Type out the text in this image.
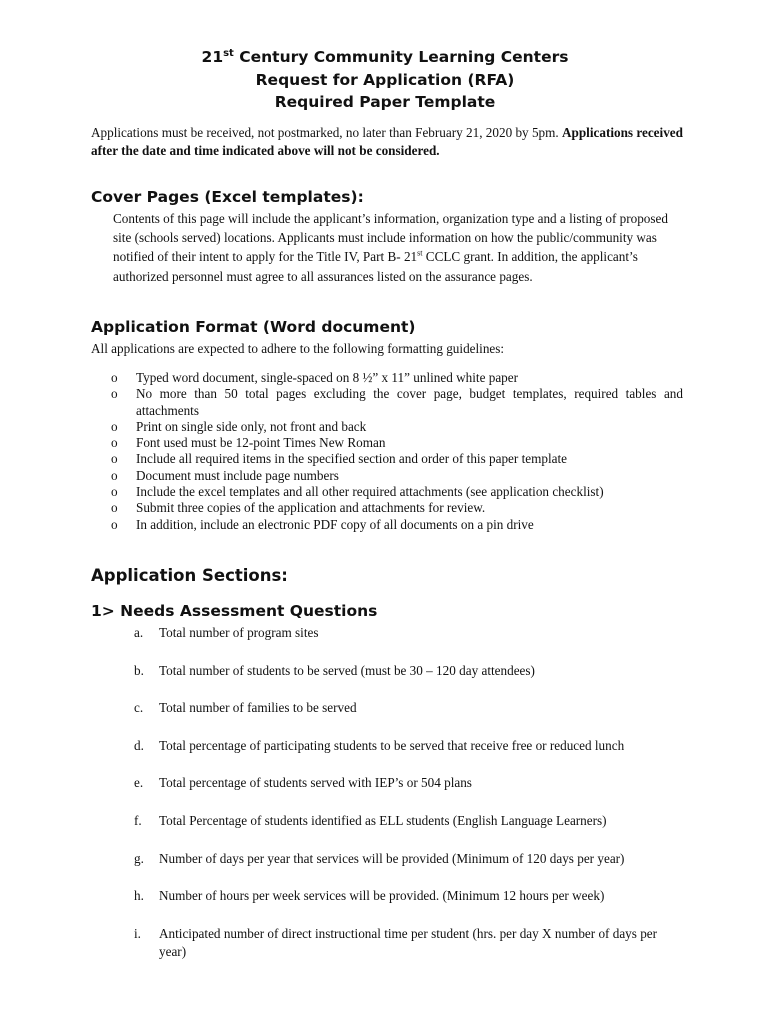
21st Century Community Learning Centers
Request for Application (RFA)
Required Paper Template
Applications must be received, not postmarked, no later than February 21, 2020 by 5pm. Applications received after the date and time indicated above will not be considered.
Cover Pages (Excel templates):
Contents of this page will include the applicant’s information, organization type and a listing of proposed site (schools served) locations. Applicants must include information on how the public/community was notified of their intent to apply for the Title IV, Part B- 21st CCLC grant. In addition, the applicant’s authorized personnel must agree to all assurances listed on the assurance pages.
Application Format (Word document)
All applications are expected to adhere to the following formatting guidelines:
o	Typed word document, single-spaced on 8 ½” x 11” unlined white paper
o	No more than 50 total pages excluding the cover page, budget templates, required tables and attachments
o	Print on single side only, not front and back
o	Font used must be 12-point Times New Roman
o	Include all required items in the specified section and order of this paper template
o	Document must include page numbers
o	Include the excel templates and all other required attachments (see application checklist)
o	Submit three copies of the application and attachments for review.
o	In addition, include an electronic PDF copy of all documents on a pin drive
Application Sections:
1> Needs Assessment Questions
a.	Total number of program sites
b.	Total number of students to be served (must be 30 – 120 day attendees)
c.	Total number of families to be served
d.	Total percentage of participating students to be served that receive free or reduced lunch
e.	Total percentage of students served with IEP’s or 504 plans
f.	Total Percentage of students identified as ELL students (English Language Learners)
g.	Number of days per year that services will be provided (Minimum of 120 days per year)
h.	Number of hours per week services will be provided. (Minimum 12 hours per week)
i.	Anticipated number of direct instructional time per student (hrs. per day X number of days per year)
